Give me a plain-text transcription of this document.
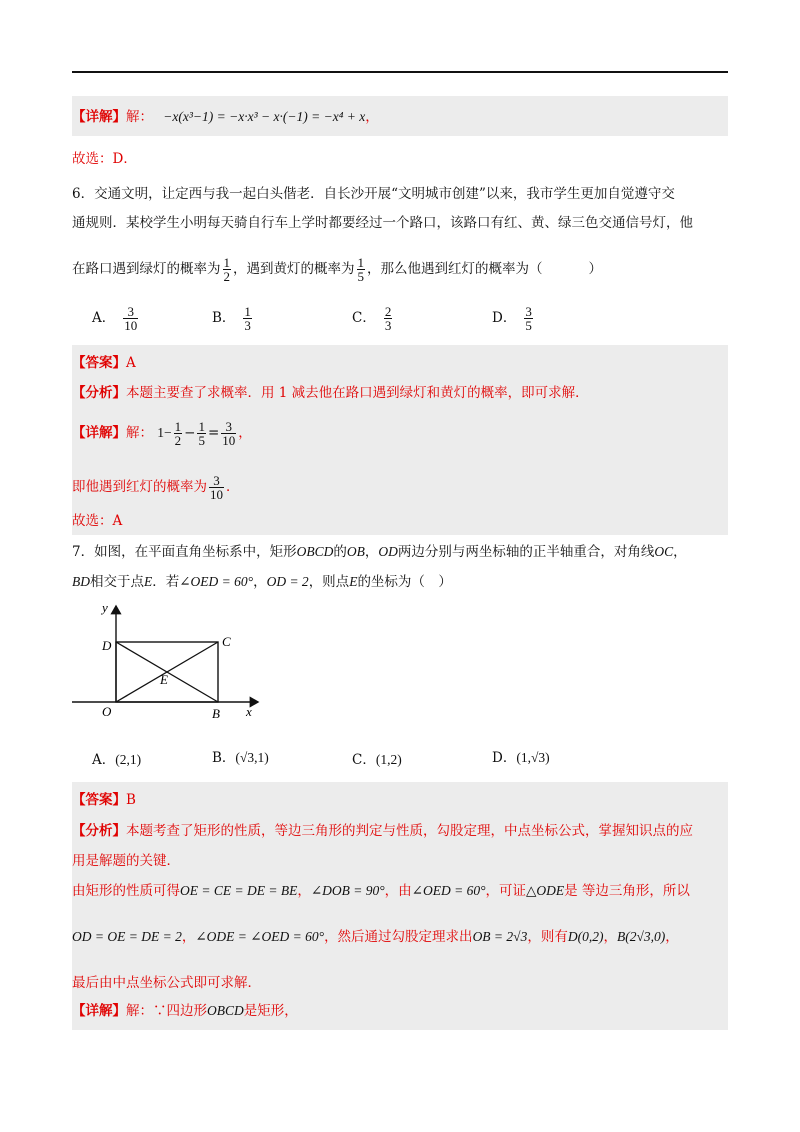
【详解】解： −x(x³−1) = −x·x³ − x·(−1) = −x⁴ + x，
故选：D．
6．交通文明，让定西与我一起白头偕老．自长沙开展“文明城市创建”以来，我市学生更加自觉遵守交
通规则．某校学生小明每天骑自行车上学时都要经过一个路口，该路口有红、黄、绿三色交通信号灯，他
在路口遇到绿灯的概率为 $\frac{1}{2}$ ，遇到黄灯的概率为 $\frac{1}{5}$ ，那么他遇到红灯的概率为（	）
A． $\frac{3}{10}$	B． $\frac{1}{3}$	C． $\frac{2}{3}$	D． $\frac{3}{5}$
【答案】A
【分析】本题主要查了求概率．用 1 减去他在路口遇到绿灯和黄灯的概率，即可求解．
【详解】解： $1- \frac{1}{2} - \frac{1}{5} = \frac{3}{10}$ ，
即他遇到红灯的概率为 $\frac{3}{10}$ ．
故选：A
7．如图，在平面直角坐标系中，矩形OBCD的OB，OD两边分别与两坐标轴的正半轴重合，对角线OC，
BD相交于点E．若∠OED = 60°，OD = 2，则点E的坐标为（　）
y
D	C
E
O	B x
A．(2,1)	B．(√3,1)	C．(1,2)	D．(1,√3)
【答案】B
【分析】本题考查了矩形的性质，等边三角形的判定与性质，勾股定理，中点坐标公式，掌握知识点的应
用是解题的关键．
由矩形的性质可得OE = CE = DE = BE，∠DOB = 90°，由∠OED = 60°，可证△ODE是 等边三角形，所以
OD = OE = DE = 2，∠ODE = ∠OED = 60°，然后通过勾股定理求出OB = 2√3，则有D(0,2)，B(2√3,0)，
最后由中点坐标公式即可求解．
【详解】解：∵四边形OBCD是矩形，
